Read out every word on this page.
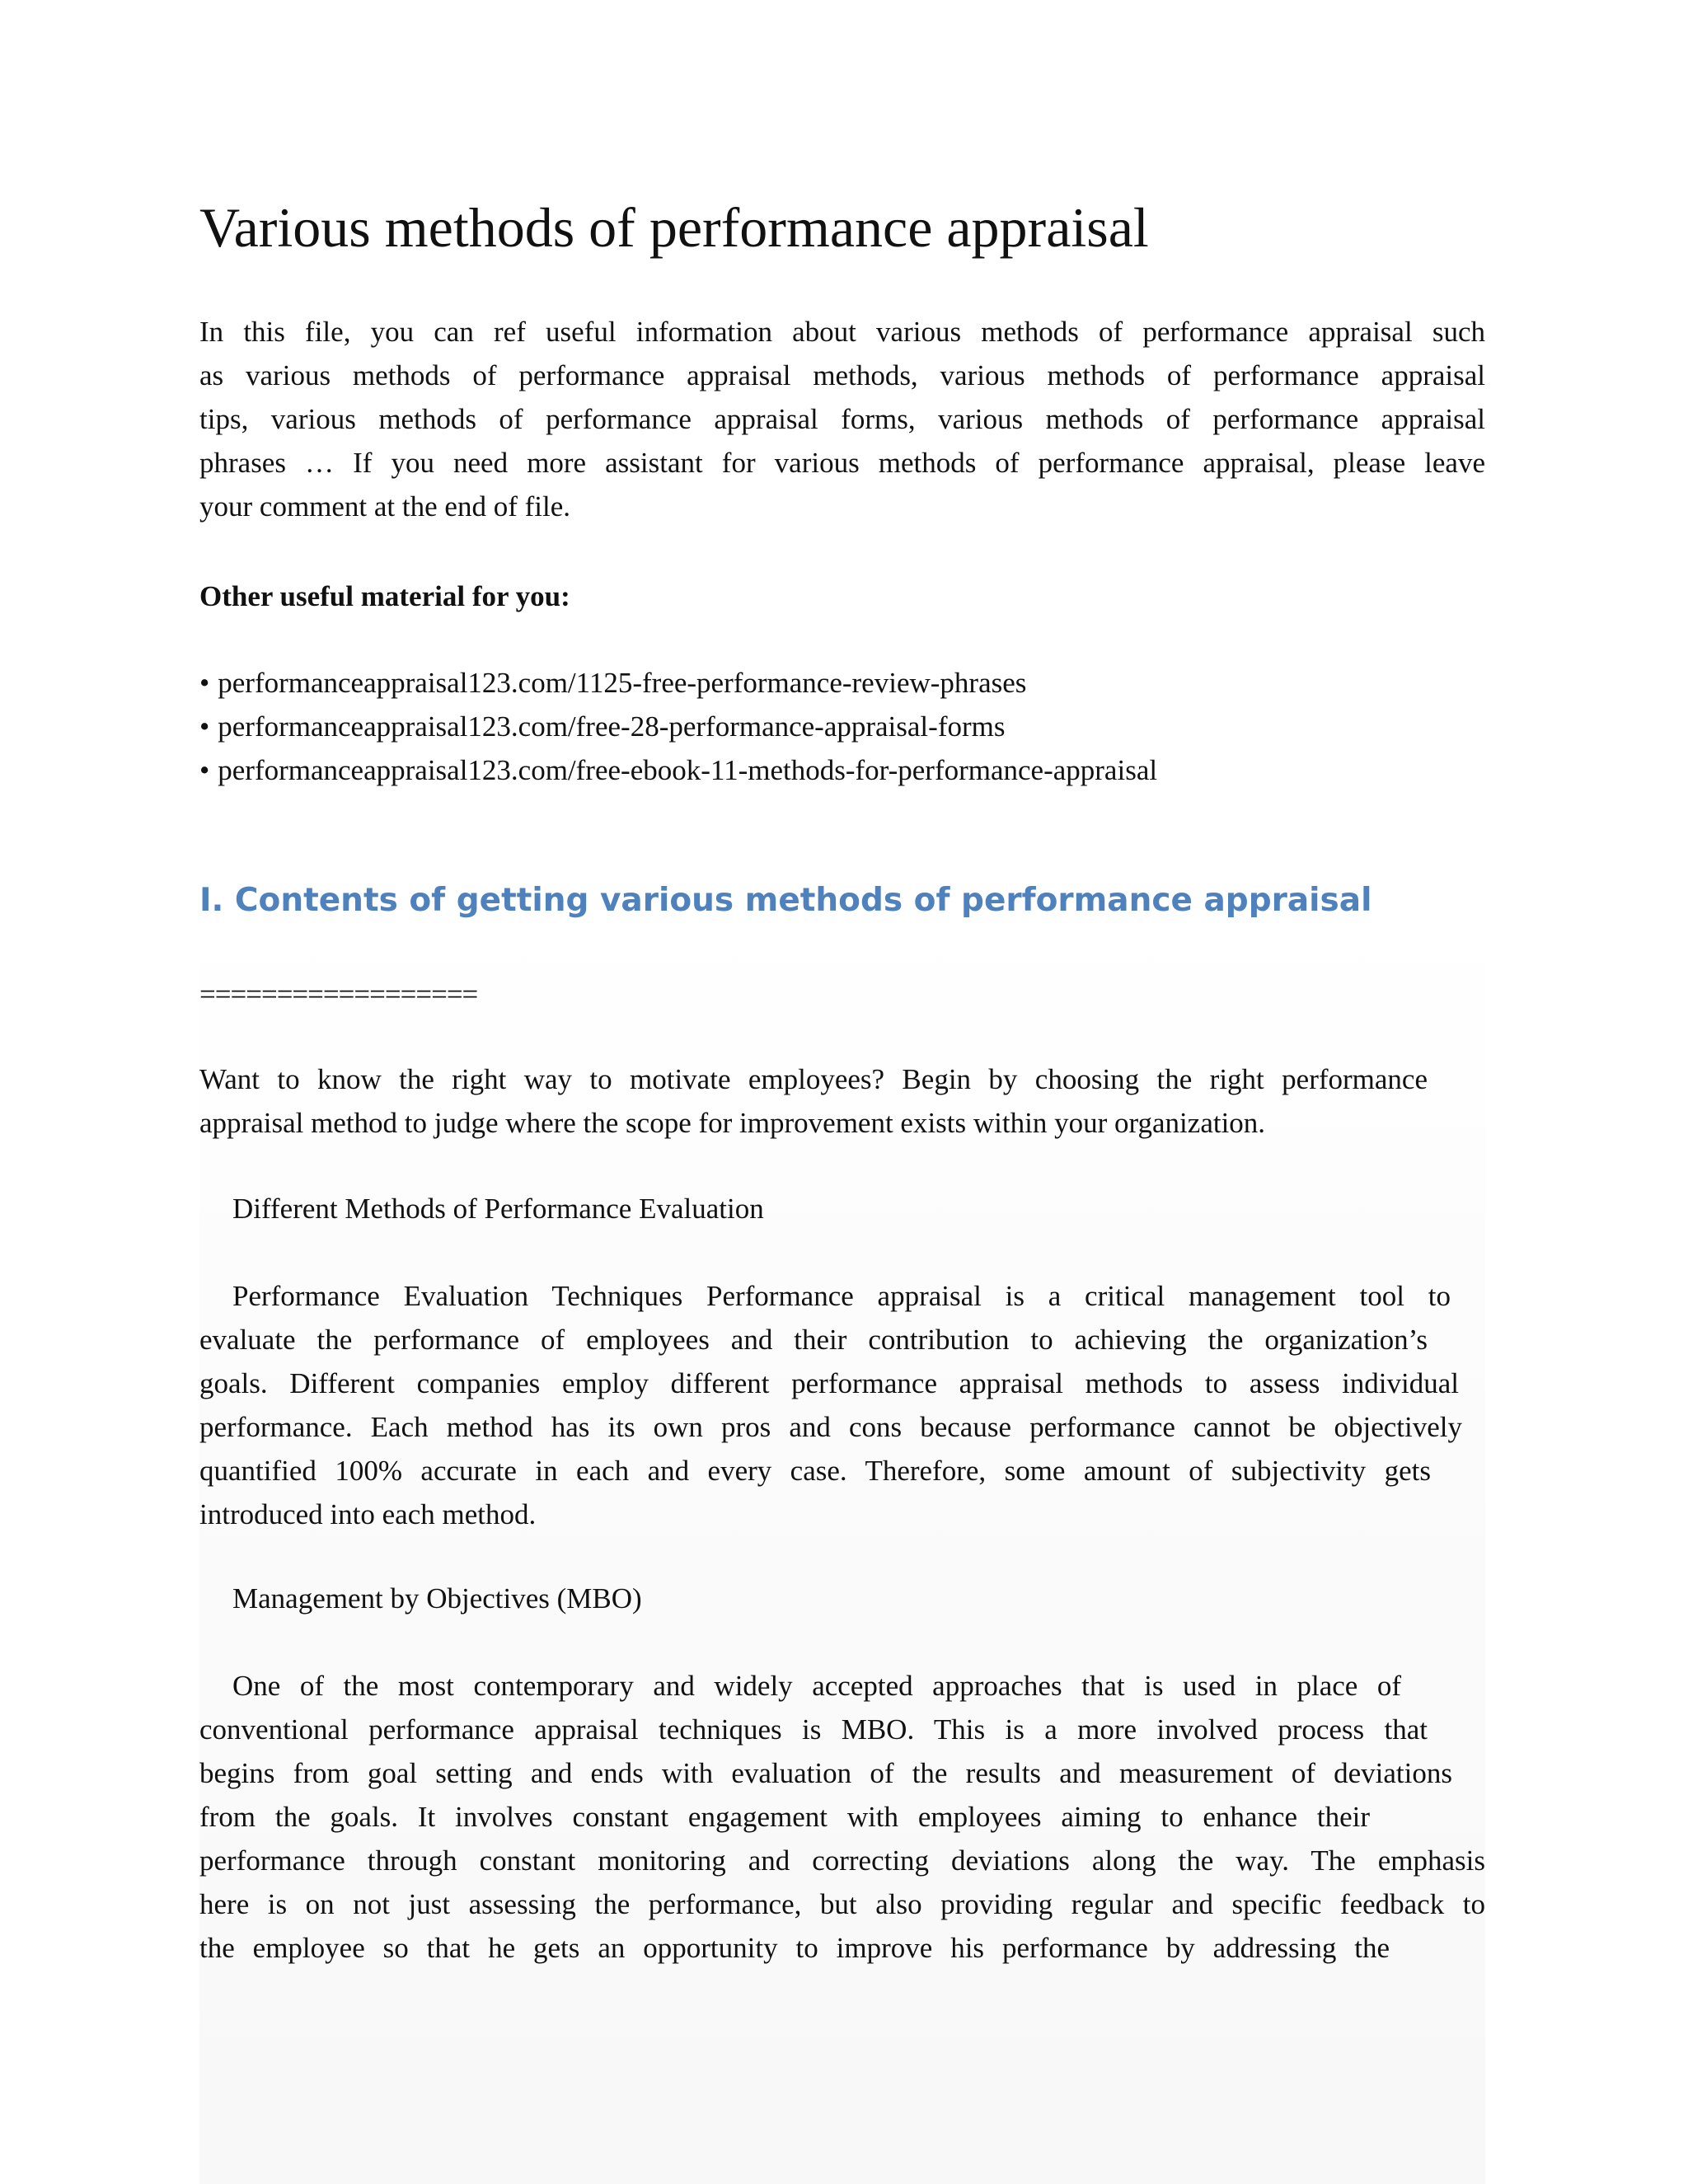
Various methods of performance appraisal

In this file, you can ref useful information about various methods of performance appraisal such
as various methods of performance appraisal methods, various methods of performance appraisal
tips, various methods of performance appraisal forms, various methods of performance appraisal
phrases … If you need more assistant for various methods of performance appraisal, please leave
your comment at the end of file.

Other useful material for you:
• performanceappraisal123.com/1125-free-performance-review-phrases
• performanceappraisal123.com/free-28-performance-appraisal-forms
• performanceappraisal123.com/free-ebook-11-methods-for-performance-appraisal
I. Contents of getting various methods of performance appraisal

==================

Want to know the right way to motivate employees? Begin by choosing the right performance
appraisal method to judge where the scope for improvement exists within your organization.

Different Methods of Performance Evaluation

Performance Evaluation Techniques Performance appraisal is a critical management tool to
evaluate the performance of employees and their contribution to achieving the organization’s
goals. Different companies employ different performance appraisal methods to assess individual
performance. Each method has its own pros and cons because performance cannot be objectively
quantified 100% accurate in each and every case. Therefore, some amount of subjectivity gets
introduced into each method.

Management by Objectives (MBO)

One of the most contemporary and widely accepted approaches that is used in place of
conventional performance appraisal techniques is MBO. This is a more involved process that
begins from goal setting and ends with evaluation of the results and measurement of deviations
from the goals. It involves constant engagement with employees aiming to enhance their
performance through constant monitoring and correcting deviations along the way. The emphasis
here is on not just assessing the performance, but also providing regular and specific feedback to
the employee so that he gets an opportunity to improve his performance by addressing the
